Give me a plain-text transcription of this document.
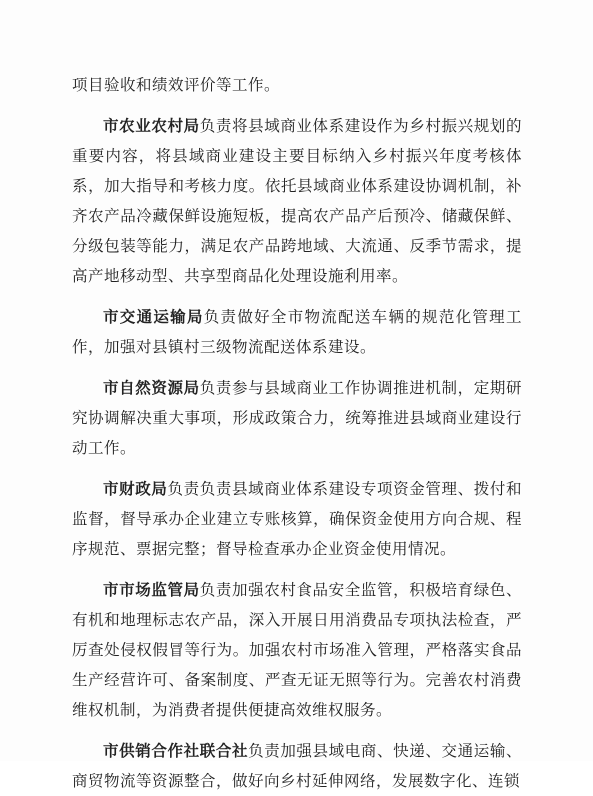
项目验收和绩效评价等工作。

市农业农村局负责将县域商业体系建设作为乡村振兴规划的重要内容，将县域商业建设主要目标纳入乡村振兴年度考核体系，加大指导和考核力度。依托县域商业体系建设协调机制，补齐农产品冷藏保鲜设施短板，提高农产品产后预冷、储藏保鲜、分级包装等能力，满足农产品跨地域、大流通、反季节需求，提高产地移动型、共享型商品化处理设施利用率。

市交通运输局负责做好全市物流配送车辆的规范化管理工作，加强对县镇村三级物流配送体系建设。

市自然资源局负责参与县域商业工作协调推进机制，定期研究协调解决重大事项，形成政策合力，统筹推进县域商业建设行动工作。

市财政局负责负责县域商业体系建设专项资金管理、拨付和监督，督导承办企业建立专账核算，确保资金使用方向合规、程序规范、票据完整；督导检查承办企业资金使用情况。

市市场监管局负责加强农村食品安全监管，积极培育绿色、有机和地理标志农产品，深入开展日用消费品专项执法检查，严厉查处侵权假冒等行为。加强农村市场准入管理，严格落实食品生产经营许可、备案制度、严查无证无照等行为。完善农村消费维权机制，为消费者提供便捷高效维权服务。

市供销合作社联合社负责加强县域电商、快递、交通运输、商贸物流等资源整合，做好向乡村延伸网络，发展数字化、连锁
